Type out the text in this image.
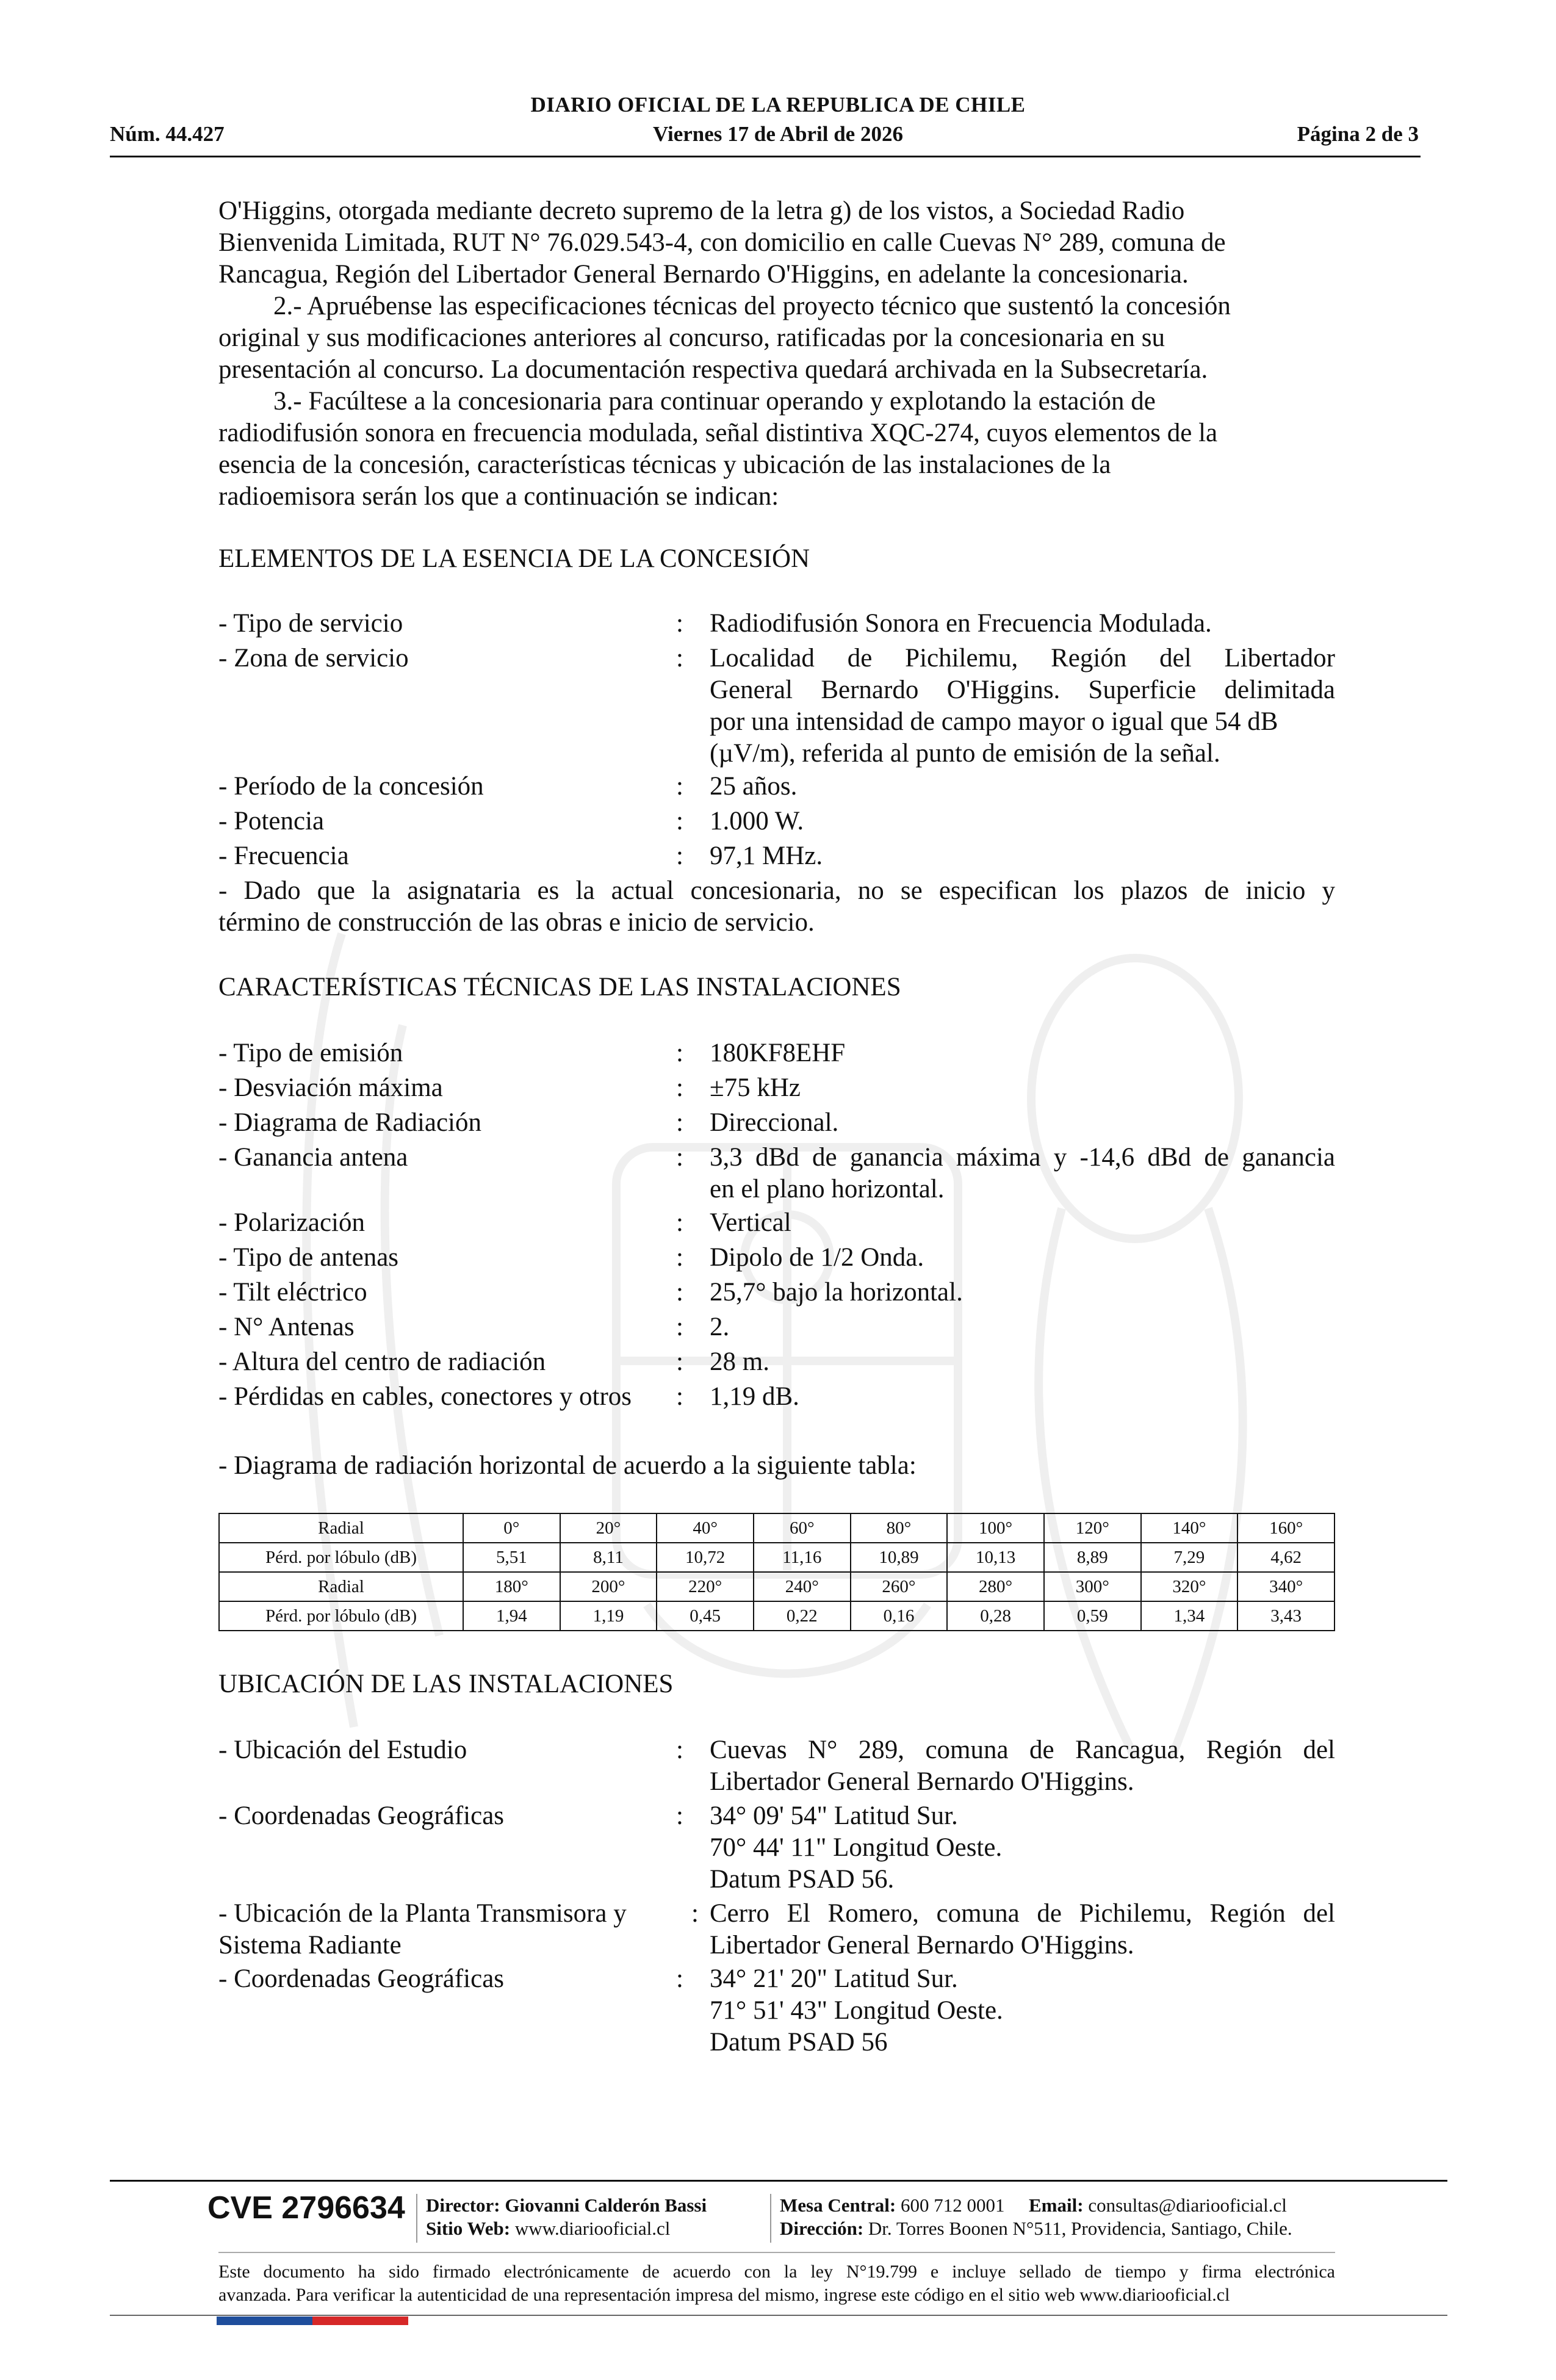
DIARIO OFICIAL DE LA REPUBLICA DE CHILE
Núm. 44.427	Viernes 17 de Abril de 2026	Página 2 de 3
O'Higgins, otorgada mediante decreto supremo de la letra g) de los vistos, a Sociedad Radio
Bienvenida Limitada, RUT N° 76.029.543-4, con domicilio en calle Cuevas N° 289, comuna de
Rancagua, Región del Libertador General Bernardo O'Higgins, en adelante la concesionaria.
2.- Apruébense las especificaciones técnicas del proyecto técnico que sustentó la concesión
original y sus modificaciones anteriores al concurso, ratificadas por la concesionaria en su
presentación al concurso. La documentación respectiva quedará archivada en la Subsecretaría.
3.- Facúltese a la concesionaria para continuar operando y explotando la estación de
radiodifusión sonora en frecuencia modulada, señal distintiva XQC-274, cuyos elementos de la
esencia de la concesión, características técnicas y ubicación de las instalaciones de la
radioemisora serán los que a continuación se indican:
ELEMENTOS DE LA ESENCIA DE LA CONCESIÓN
- Tipo de servicio	: Radiodifusión Sonora en Frecuencia Modulada.
- Zona de servicio	: Localidad de Pichilemu, Región del Libertador
General Bernardo O'Higgins. Superficie delimitada
por una intensidad de campo mayor o igual que 54 dB
(µV/m), referida al punto de emisión de la señal.
- Período de la concesión	: 25 años.
- Potencia	: 1.000 W.
- Frecuencia	: 97,1 MHz.
- Dado que la asignataria es la actual concesionaria, no se especifican los plazos de inicio y
término de construcción de las obras e inicio de servicio.
CARACTERÍSTICAS TÉCNICAS DE LAS INSTALACIONES
- Tipo de emisión	: 180KF8EHF
- Desviación máxima	: ±75 kHz
- Diagrama de Radiación	: Direccional.
- Ganancia antena	: 3,3 dBd de ganancia máxima y -14,6 dBd de ganancia
en el plano horizontal.
- Polarización	: Vertical
- Tipo de antenas	: Dipolo de 1/2 Onda.
- Tilt eléctrico	: 25,7° bajo la horizontal.
- N° Antenas	: 2.
- Altura del centro de radiación	: 28 m.
- Pérdidas en cables, conectores y otros	: 1,19 dB.
- Diagrama de radiación horizontal de acuerdo a la siguiente tabla:
Radial	0°	20°	40°	60°	80°	100°	120°	140°	160°
Pérd. por lóbulo (dB)	5,51	8,11	10,72	11,16	10,89	10,13	8,89	7,29	4,62
Radial	180°	200°	220°	240°	260°	280°	300°	320°	340°
Pérd. por lóbulo (dB)	1,94	1,19	0,45	0,22	0,16	0,28	0,59	1,34	3,43
UBICACIÓN DE LAS INSTALACIONES
- Ubicación del Estudio	: Cuevas N° 289, comuna de Rancagua, Región del
Libertador General Bernardo O'Higgins.
- Coordenadas Geográficas	: 34° 09' 54" Latitud Sur.
70° 44' 11" Longitud Oeste.
Datum PSAD 56.
- Ubicación de la Planta Transmisora y
Sistema Radiante
: Cerro El Romero, comuna de Pichilemu, Región del
Libertador General Bernardo O'Higgins.
- Coordenadas Geográficas	: 34° 21' 20" Latitud Sur.
71° 51' 43" Longitud Oeste.
Datum PSAD 56
CVE 2796634 Director: Giovanni Calderón Bassi
Sitio Web: www.diariooficial.cl
Mesa Central: 600 712 0001 Email: consultas@diariooficial.cl
Dirección: Dr. Torres Boonen N°511, Providencia, Santiago, Chile.
Este documento ha sido firmado electrónicamente de acuerdo con la ley N°19.799 e incluye sellado de tiempo y firma electrónica
avanzada. Para verificar la autenticidad de una representación impresa del mismo, ingrese este código en el sitio web www.diariooficial.cl
